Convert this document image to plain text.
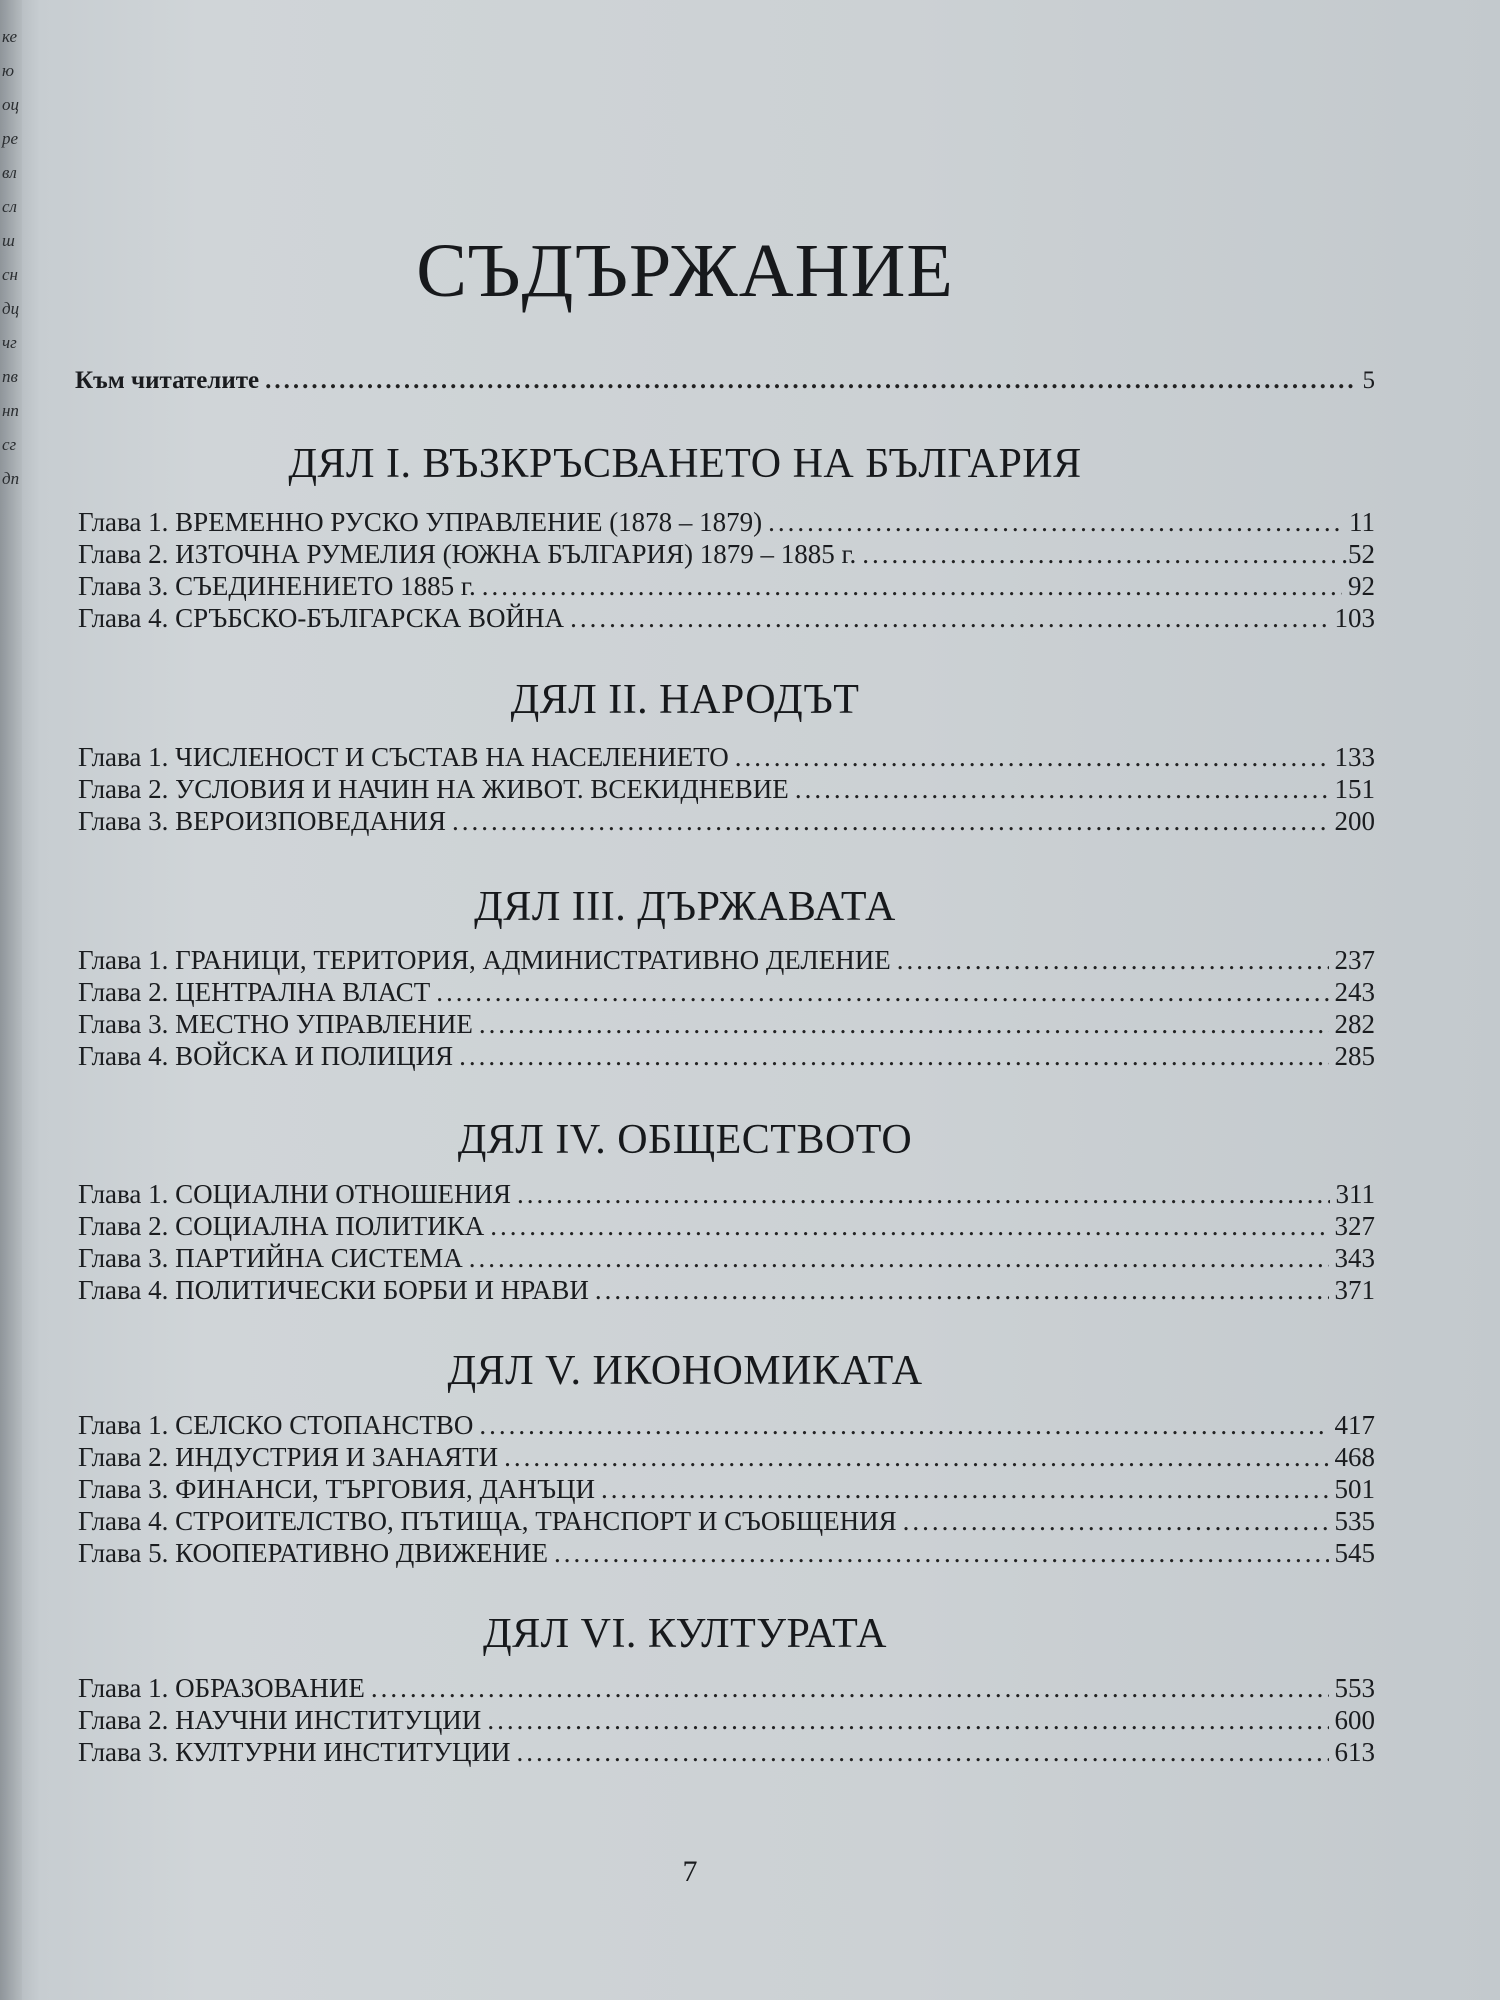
кеюоцревлслшсн дцчгпвнпсгдп
СЪДЪРЖАНИЕ
Към читателите .....	5
ДЯЛ I. ВЪЗКРЪСВАНЕТО НА БЪЛГАРИЯ
Глава 1. ВРЕМЕННО РУСКО УПРАВЛЕНИЕ (1878 – 1879) .....	11
Глава 2. ИЗТОЧНА РУМЕЛИЯ (ЮЖНА БЪЛГАРИЯ) 1879 – 1885 г. .....	.52
Глава 3. СЪЕДИНЕНИЕТО 1885 г. .....	92
Глава 4. СРЪБСКО-БЪЛГАРСКА ВОЙНА .....	103
ДЯЛ II. НАРОДЪТ
Глава 1. ЧИСЛЕНОСТ И СЪСТАВ НА НАСЕЛЕНИЕТО .....	133
Глава 2. УСЛОВИЯ И НАЧИН НА ЖИВОТ. ВСЕКИДНЕВИЕ .....	151
Глава 3. ВЕРОИЗПОВЕДАНИЯ .....	200
ДЯЛ III. ДЪРЖАВАТА
Глава 1. ГРАНИЦИ, ТЕРИТОРИЯ, АДМИНИСТРАТИВНО ДЕЛЕНИЕ .....	237
Глава 2. ЦЕНТРАЛНА ВЛАСТ .....	243
Глава 3. МЕСТНО УПРАВЛЕНИЕ .....	282
Глава 4. ВОЙСКА И ПОЛИЦИЯ .....	285
ДЯЛ IV. ОБЩЕСТВОТО
Глава 1. СОЦИАЛНИ ОТНОШЕНИЯ .....	311
Глава 2. СОЦИАЛНА ПОЛИТИКА .....	327
Глава 3. ПАРТИЙНА СИСТЕМА .....	343
Глава 4. ПОЛИТИЧЕСКИ БОРБИ И НРАВИ .....	371
ДЯЛ V. ИКОНОМИКАТА
Глава 1. СЕЛСКО СТОПАНСТВО .....	417
Глава 2. ИНДУСТРИЯ И ЗАНАЯТИ .....	468
Глава 3. ФИНАНСИ, ТЪРГОВИЯ, ДАНЪЦИ .....	501
Глава 4. СТРОИТЕЛСТВО, ПЪТИЩА, ТРАНСПОРТ И СЪОБЩЕНИЯ .....	535
Глава 5. КООПЕРАТИВНО ДВИЖЕНИЕ .....	545
ДЯЛ VI. КУЛТУРАТА
Глава 1. ОБРАЗОВАНИЕ .....	553
Глава 2. НАУЧНИ ИНСТИТУЦИИ .....	600
Глава 3. КУЛТУРНИ ИНСТИТУЦИИ .....	613
7
